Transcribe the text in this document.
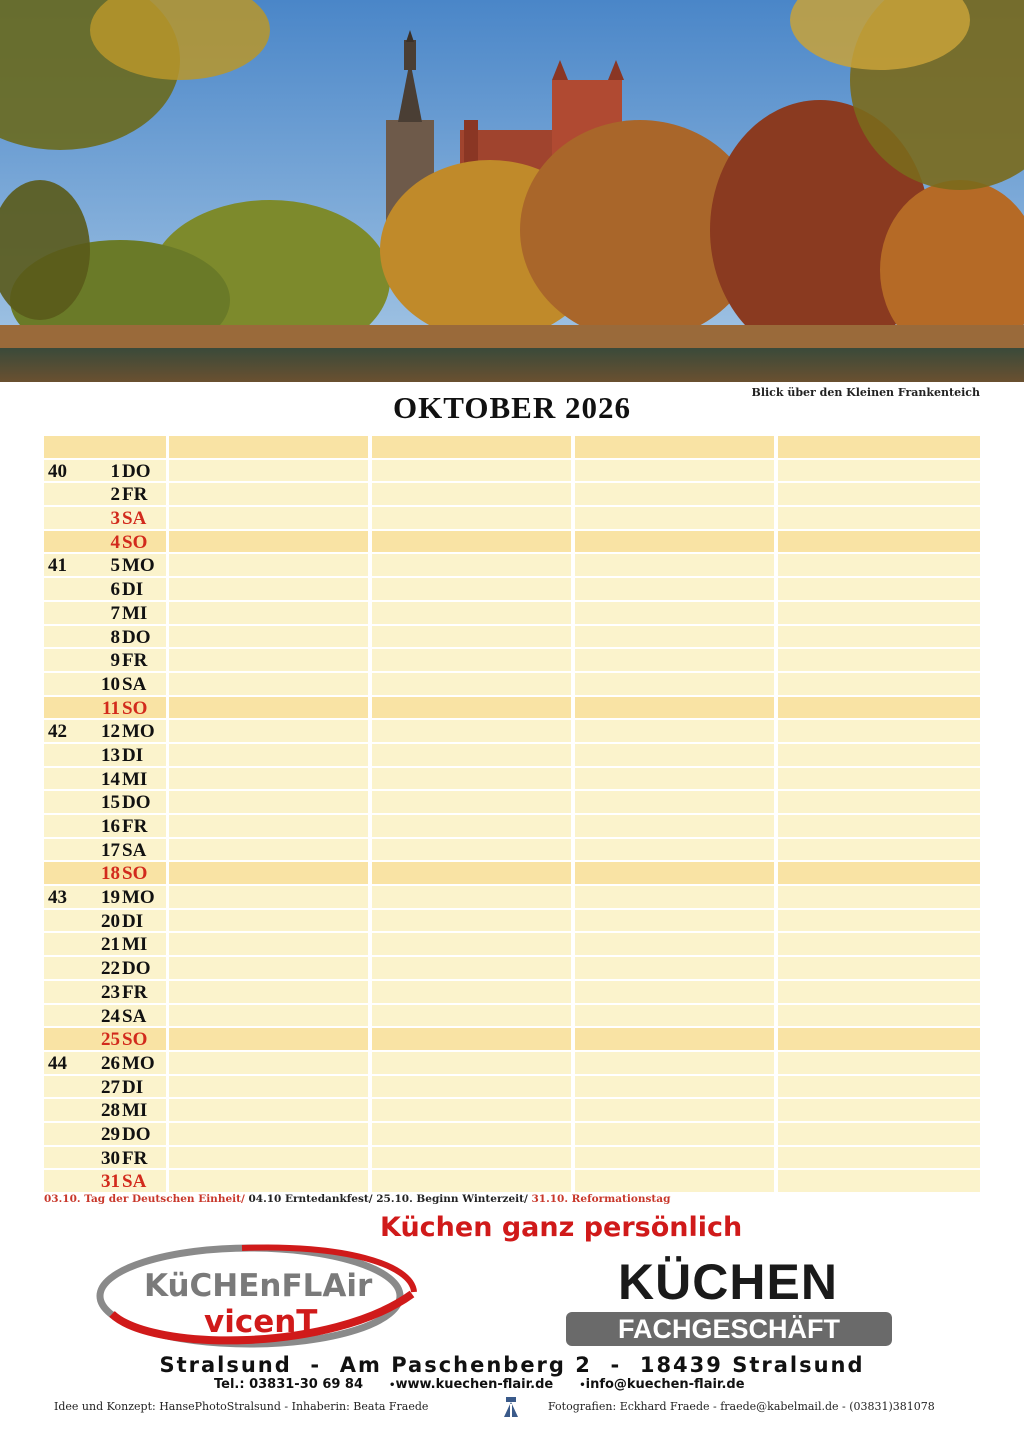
Blick über den Kleinen Frankenteich
OKTOBER 2026
40 1 DO
2 FR
3 SA
4 SO
41 5 MO
6 DI
7 MI
8 DO
9 FR
10 SA
11 SO
42 12 MO
13 DI
14 MI
15 DO
16 FR
17 SA
18 SO
43 19 MO
20 DI
21 MI
22 DO
23 FR
24 SA
25 SO
44 26 MO
27 DI
28 MI
29 DO
30 FR
31 SA
03.10. Tag der Deutschen Einheit/ 04.10 Erntedankfest/ 25.10. Beginn Winterzeit/ 31.10. Reformationstag
Küchen ganz persönlich
KüCHEnFLAir
vicenT
KÜCHEN
FACHGESCHÄFT
Stralsund  -  Am Paschenberg 2  -  18439 Stralsund
Tel.: 03831-30 69 84	•www.kuechen-flair.de	•info@kuechen-flair.de
Idee und Konzept: HansePhotoStralsund - Inhaberin: Beata Fraede	Fotografien: Eckhard Fraede - fraede@kabelmail.de - (03831)381078
